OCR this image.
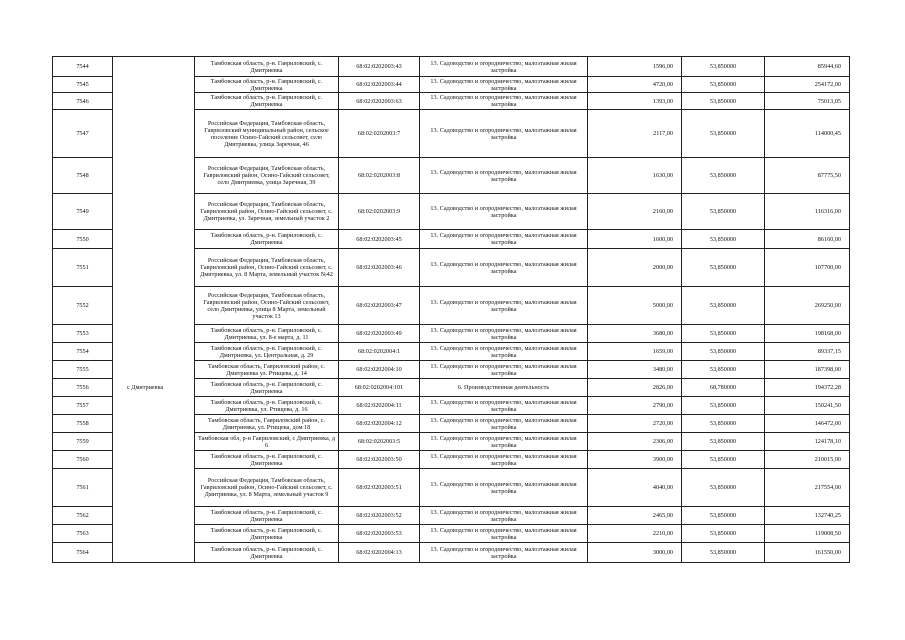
7544	с Дмитриевка	Тамбовская область, р-н. Гавриловский, с. Дмитриевка	68:02:0202003:43	13. Садоводство и огородничество, малоэтажная жилая застройка	1596,00	53,850000	85944,60
7545		Тамбовская область, р-н. Гавриловский, с. Дмитриевка	68:02:0202003:44	13. Садоводство и огородничество, малоэтажная жилая застройка	4720,00	53,850000	254172,00
7546		Тамбовская область, р-н. Гавриловский, с. Дмитриевка	68:02:0202003:63	13. Садоводство и огородничество, малоэтажная жилая застройка	1393,00	53,850000	75013,05
7547		Российская Федерация, Тамбовская область, Гавриловский муниципальный район, сельское поселение Осино-Гайский сельсовет, село Дмитриевка, улица Заречная, 46	68:02:0202003:7	13. Садоводство и огородничество, малоэтажная жилая застройка	2117,00	53,850000	114000,45
7548		Российская Федерация, Тамбовская область, Гавриловский район, Осино-Гайский сельсовет, село Дмитриевка, улица Заречная, 39	68:02:0202003:8	13. Садоводство и огородничество, малоэтажная жилая застройка	1630,00	53,850000	87775,50
7549		Российская Федерация, Тамбовская область, Гавриловский район, Осино-Гайский сельсовет, с. Дмитриевка, ул. Заречная, земельный участок 2	68:02:0202003:9	13. Садоводство и огородничество, малоэтажная жилая застройка	2160,00	53,850000	116316,00
7550		Тамбовская область, р-н. Гавриловский, с. Дмитриевка	68:02:0202003:45	13. Садоводство и огородничество, малоэтажная жилая застройка	1600,00	53,850000	86160,00
7551		Российская Федерация, Тамбовская область, Гавриловский район, Осино-Гайский сельсовет, с. Дмитриевка, ул. 8 Марта, земельный участок №42	68:02:0202003:46	13. Садоводство и огородничество, малоэтажная жилая застройка	2000,00	53,850000	107700,00
7552		Российская Федерация, Тамбовская область, Гавриловский район, Осино-Гайский сельсовет, село Дмитриевка, улица 8 Марта, земельный участок 13	68:02:0202003:47	13. Садоводство и огородничество, малоэтажная жилая застройка	5000,00	53,850000	269250,00
7553		Тамбовская область, р-н. Гавриловский, с. Дмитриевка, ул. 8-е марта, д. 11	68:02:0202003:49	13. Садоводство и огородничество, малоэтажная жилая застройка	3680,00	53,850000	198168,00
7554		Тамбовская область, р-н. Гавриловский, с. Дмитриевка, ул. Центральная, д. 29	68:02:0202004:1	13. Садоводство и огородничество, малоэтажная жилая застройка	1659,00	53,850000	89337,15
7555		Тамбовская область, Гавриловский район, с. Дмитриевка ул. Ртищева, д. 14	68:02:0202004:10	13. Садоводство и огородничество, малоэтажная жилая застройка	3480,00	53,850000	187398,00
7556		Тамбовская область, р-н. Гавриловский, с. Дмитриевка	68:02:0202004:101	6. Производственная деятельность	2826,00	68,780000	194372,28
7557		Тамбовская область, р-н. Гавриловский, с. Дмитриевка, ул. Ртищева, д. 16	68:02:0202004:11	13. Садоводство и огородничество, малоэтажная жилая застройка	2790,00	53,850000	150241,50
7558		Тамбовская область, Гавриловский район, с. Дмитриевка, ул. Ртищева, дом 18	68:02:0202004:12	13. Садоводство и огородничество, малоэтажная жилая застройка	2720,00	53,850000	146472,00
7559		Тамбовская обл, р-н Гавриловский, с Дмитриевка, д 6	68:02:0202003:5	13. Садоводство и огородничество, малоэтажная жилая застройка	2306,00	53,850000	124178,10
7560		Тамбовская область, р-н. Гавриловский, с. Дмитриевка	68:02:0202003:50	13. Садоводство и огородничество, малоэтажная жилая застройка	3900,00	53,850000	210015,00
7561		Российская Федерация, Тамбовская область, Гавриловский район, Осино-Гайский сельсовет, с. Дмитриевка, ул. 8 Марта, земельный участок 9	68:02:0202003:51	13. Садоводство и огородничество, малоэтажная жилая застройка	4040,00	53,850000	217554,00
7562		Тамбовская область, р-н. Гавриловский, с. Дмитриевка	68:02:0202003:52	13. Садоводство и огородничество, малоэтажная жилая застройка	2465,00	53,850000	132740,25
7563		Тамбовская область, р-н. Гавриловский, с. Дмитриевка	68:02:0202003:53	13. Садоводство и огородничество, малоэтажная жилая застройка	2210,00	53,850000	119008,50
7564		Тамбовская область, р-н. Гавриловский, с. Дмитриевка	68:02:0202004:13	13. Садоводство и огородничество, малоэтажная жилая застройка	3000,00	53,850000	161550,00
